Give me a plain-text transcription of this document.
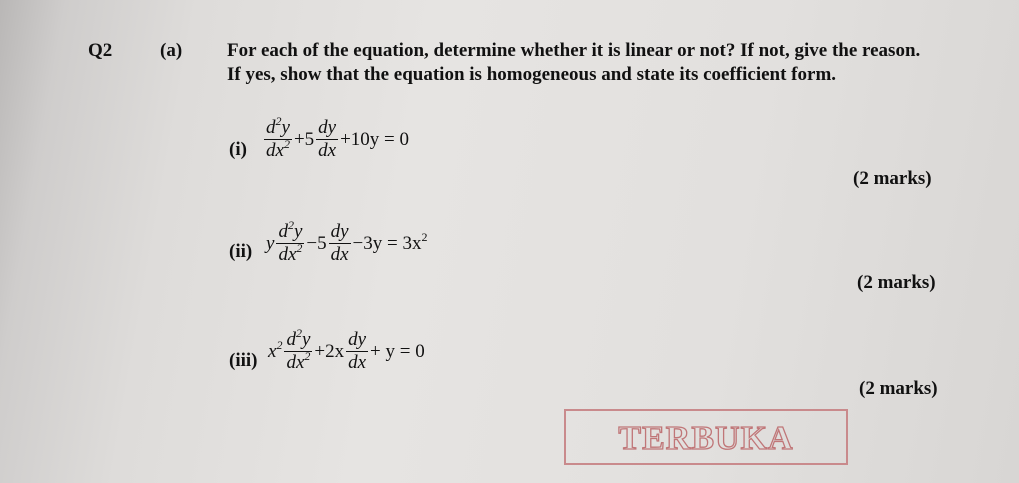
Q2	(a) For each of the equation, determine whether it is linear or not? If not, give the reason.
If yes, show that the equation is homogeneous and state its coefficient form.
$(i) \frac{d^2y}{dx^2} +5 \frac{dy}{dx} +10y = 0$
(2 marks)
(ii) y $\frac{d^2y}{dx^2} -5 \frac{dy}{dx} -3y = 3x^2$
(2 marks)
(iii) $x^2 \frac{d^2y}{dx^2} +2x \frac{dy}{dx} + y = 0$
(2 marks)
TERBUKA
